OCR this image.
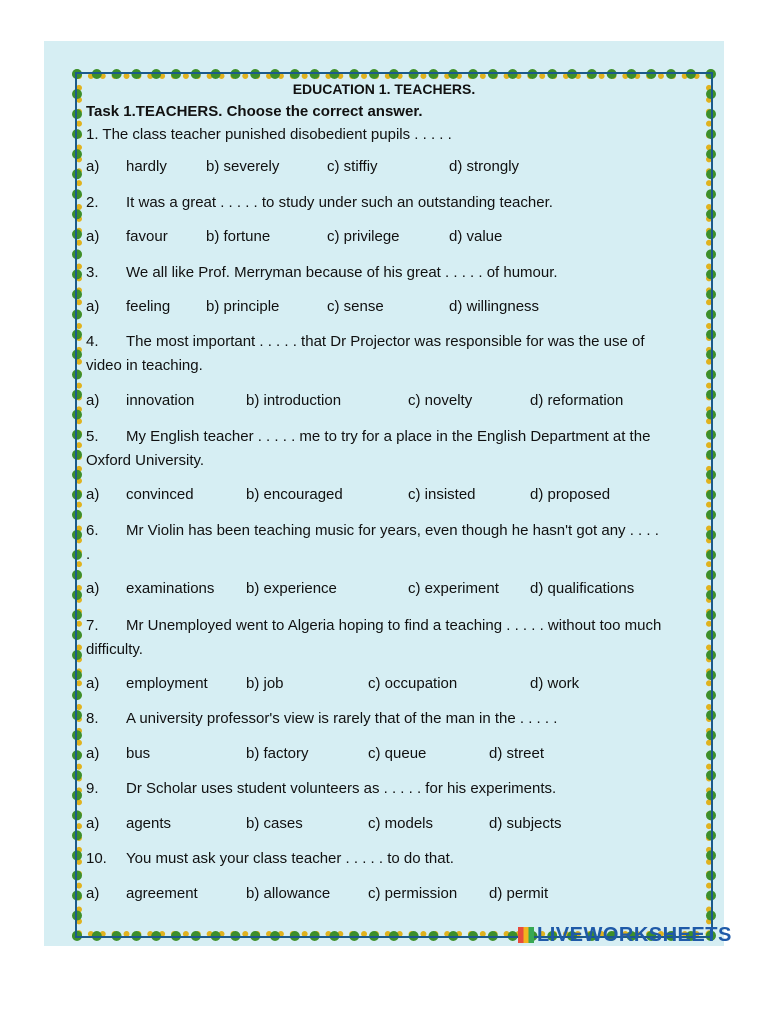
EDUCATION 1. TEACHERS.
Task 1.TEACHERS. Choose the correct answer.
1. The class teacher punished disobedient pupils . . . . .
a) hardly	b) severely	c) stiffiy	d) strongly
2. It was a great . . . . . to study under such an outstanding teacher.
a) favour	b) fortune	c) privilege	d) value
3. We all like Prof. Merryman because of his great . . . . . of humour.
a) feeling b) principle	c) sense	d) willingness
4. The most important . . . . . that Dr Projector was responsible for was the use of video in teaching.
a) innovation	b) introduction	c) novelty	d) reformation
5. My English teacher . . . . . me to try for a place in the English Department at the Oxford University.
a) convinced	b) encouraged	c) insisted	d) proposed
6. Mr Violin has been teaching music for years, even though he hasn't got any . . . . .
a) examinations b) experience	c) experiment d) qualifications
7. Mr Unemployed went to Algeria hoping to find a teaching . . . . . without too much difficulty.
a) employment	b) job	c) occupation	d) work
8. A university professor's view is rarely that of the man in the . . . . .
a) bus	b) factory	c) queue	d) street
9. Dr Scholar uses student volunteers as . . . . . for his experiments.
a) agents	b) cases	c) models	d) subjects
10. You must ask your class teacher . . . . . to do that.
a) agreement	b) allowance	c) permission d) permit
LIVEWORKSHEETS
